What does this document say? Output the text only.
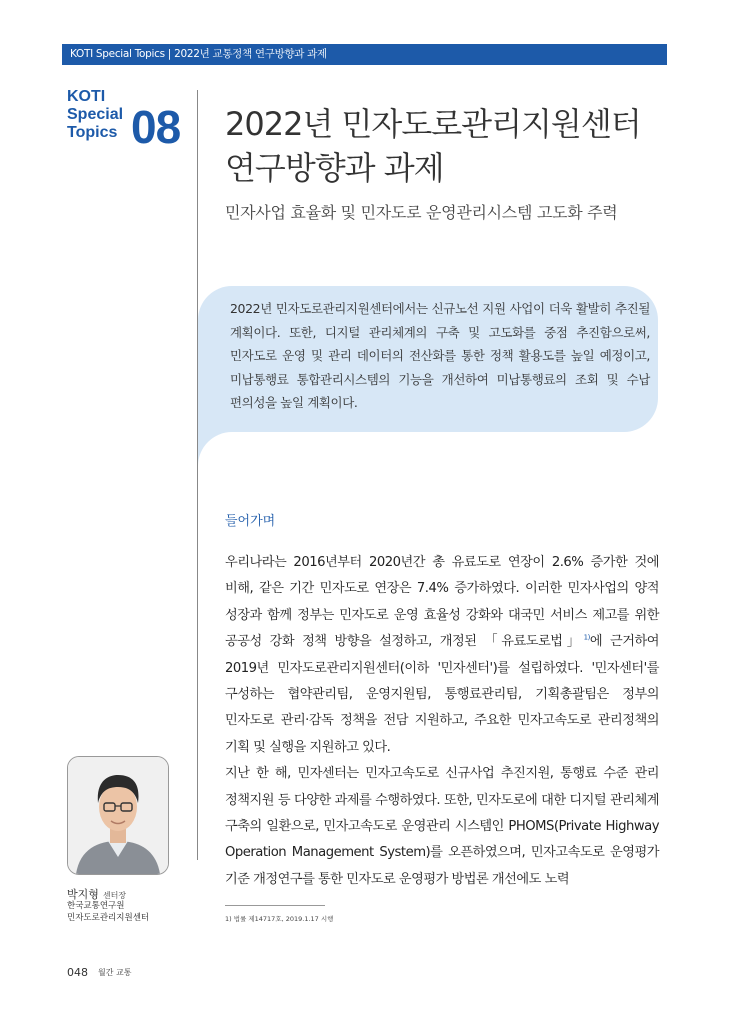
KOTI Special Topics | 2022년 교통정책 연구방향과 과제
KOTI
Special
Topics 08 2022년 민자도로관리지원센터 연구방향과 과제
민자사업 효율화 및 민자도로 운영관리시스템 고도화 주력
2022년 민자도로관리지원센터에서는 신규노선 지원 사업이 더욱 활발히 추진될 계획이다. 또한, 디지털 관리체계의 구축 및 고도화를 중점 추진함으로써, 민자도로 운영 및 관리 데이터의 전산화를 통한 정책 활용도를 높일 예정이고, 미납통행료 통합관리시스템의 기능을 개선하여 미납통행료의 조회 및 수납 편의성을 높일 계획이다.
들어가며

우리나라는 2016년부터 2020년간 총 유료도로 연장이 2.6% 증가한 것에 비해, 같은 기간 민자도로 연장은 7.4% 증가하였다. 이러한 민자사업의 양적 성장과 함께 정부는 민자도로 운영 효율성 강화와 대국민 서비스 제고를 위한 공공성 강화 정책 방향을 설정하고, 개정된 「유료도로법」$^{1)}$에 근거하여 2019년 민자도로관리지원센터(이하 '민자센터')를 설립하였다. '민자센터'를 구성하는 협약관리팀, 운영지원팀, 통행료관리팀, 기획총괄팀은 정부의 민자도로 관리·감독 정책을 전담 지원하고, 주요한 민자고속도로 관리정책의 기획 및 실행을 지원하고 있다.

지난 한 해, 민자센터는 민자고속도로 신규사업 추진지원, 통행료 수준 관리 정책지원 등 다양한 과제를 수행하였다. 또한, 민자도로에 대한 디지털 관리체계 구축의 일환으로, 민자고속도로 운영관리 시스템인 PHOMS(Private Highway Operation Management System)를 오픈하였으며, 민자고속도로 운영평가 기준 개정연구를 통한 민자도로 운영평가 방법론 개선에도 노력

박지형 센터장
한국교통연구원
민자도로관리지원센터	1) 법률 제14717호, 2019.1.17 시행
048 월간 교통
